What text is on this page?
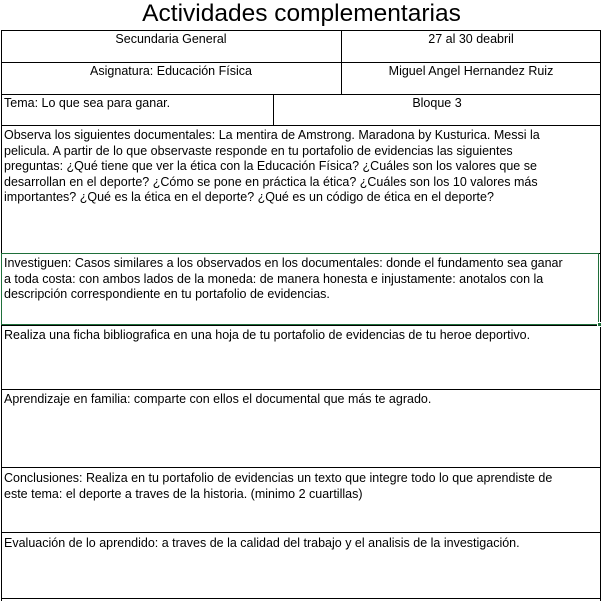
Actividades complementarias
Secundaria General	27 al 30 deabril
Asignatura: Educación Física	Miguel Angel Hernandez Ruiz
Tema: Lo que sea para ganar.	Bloque 3
Observa los siguientes documentales: La mentira de Amstrong. Maradona by Kusturica. Messi la
pelicula. A partir de lo que observaste responde en tu portafolio de evidencias las siguientes
preguntas: ¿Qué tiene que ver la ética con la Educación Física? ¿Cuáles son los valores que se
desarrollan en el deporte? ¿Cómo se pone en práctica la ética? ¿Cuáles son los 10 valores más
importantes? ¿Qué es la ética en el deporte? ¿Qué es un código de ética en el deporte?
Investiguen: Casos similares a los observados en los documentales: donde el fundamento sea ganar
a toda costa: con ambos lados de la moneda: de manera honesta e injustamente: anotalos con la
descripción correspondiente en tu portafolio de evidencias.
Realiza una ficha bibliografica en una hoja de tu portafolio de evidencias de tu heroe deportivo.
Aprendizaje en familia: comparte con ellos el documental que más te agrado.
Conclusiones: Realiza en tu portafolio de evidencias un texto que integre todo lo que aprendiste de
este tema: el deporte a traves de la historia. (minimo 2 cuartillas)
Evaluación de lo aprendido: a traves de la calidad del trabajo y el analisis de la investigación.
